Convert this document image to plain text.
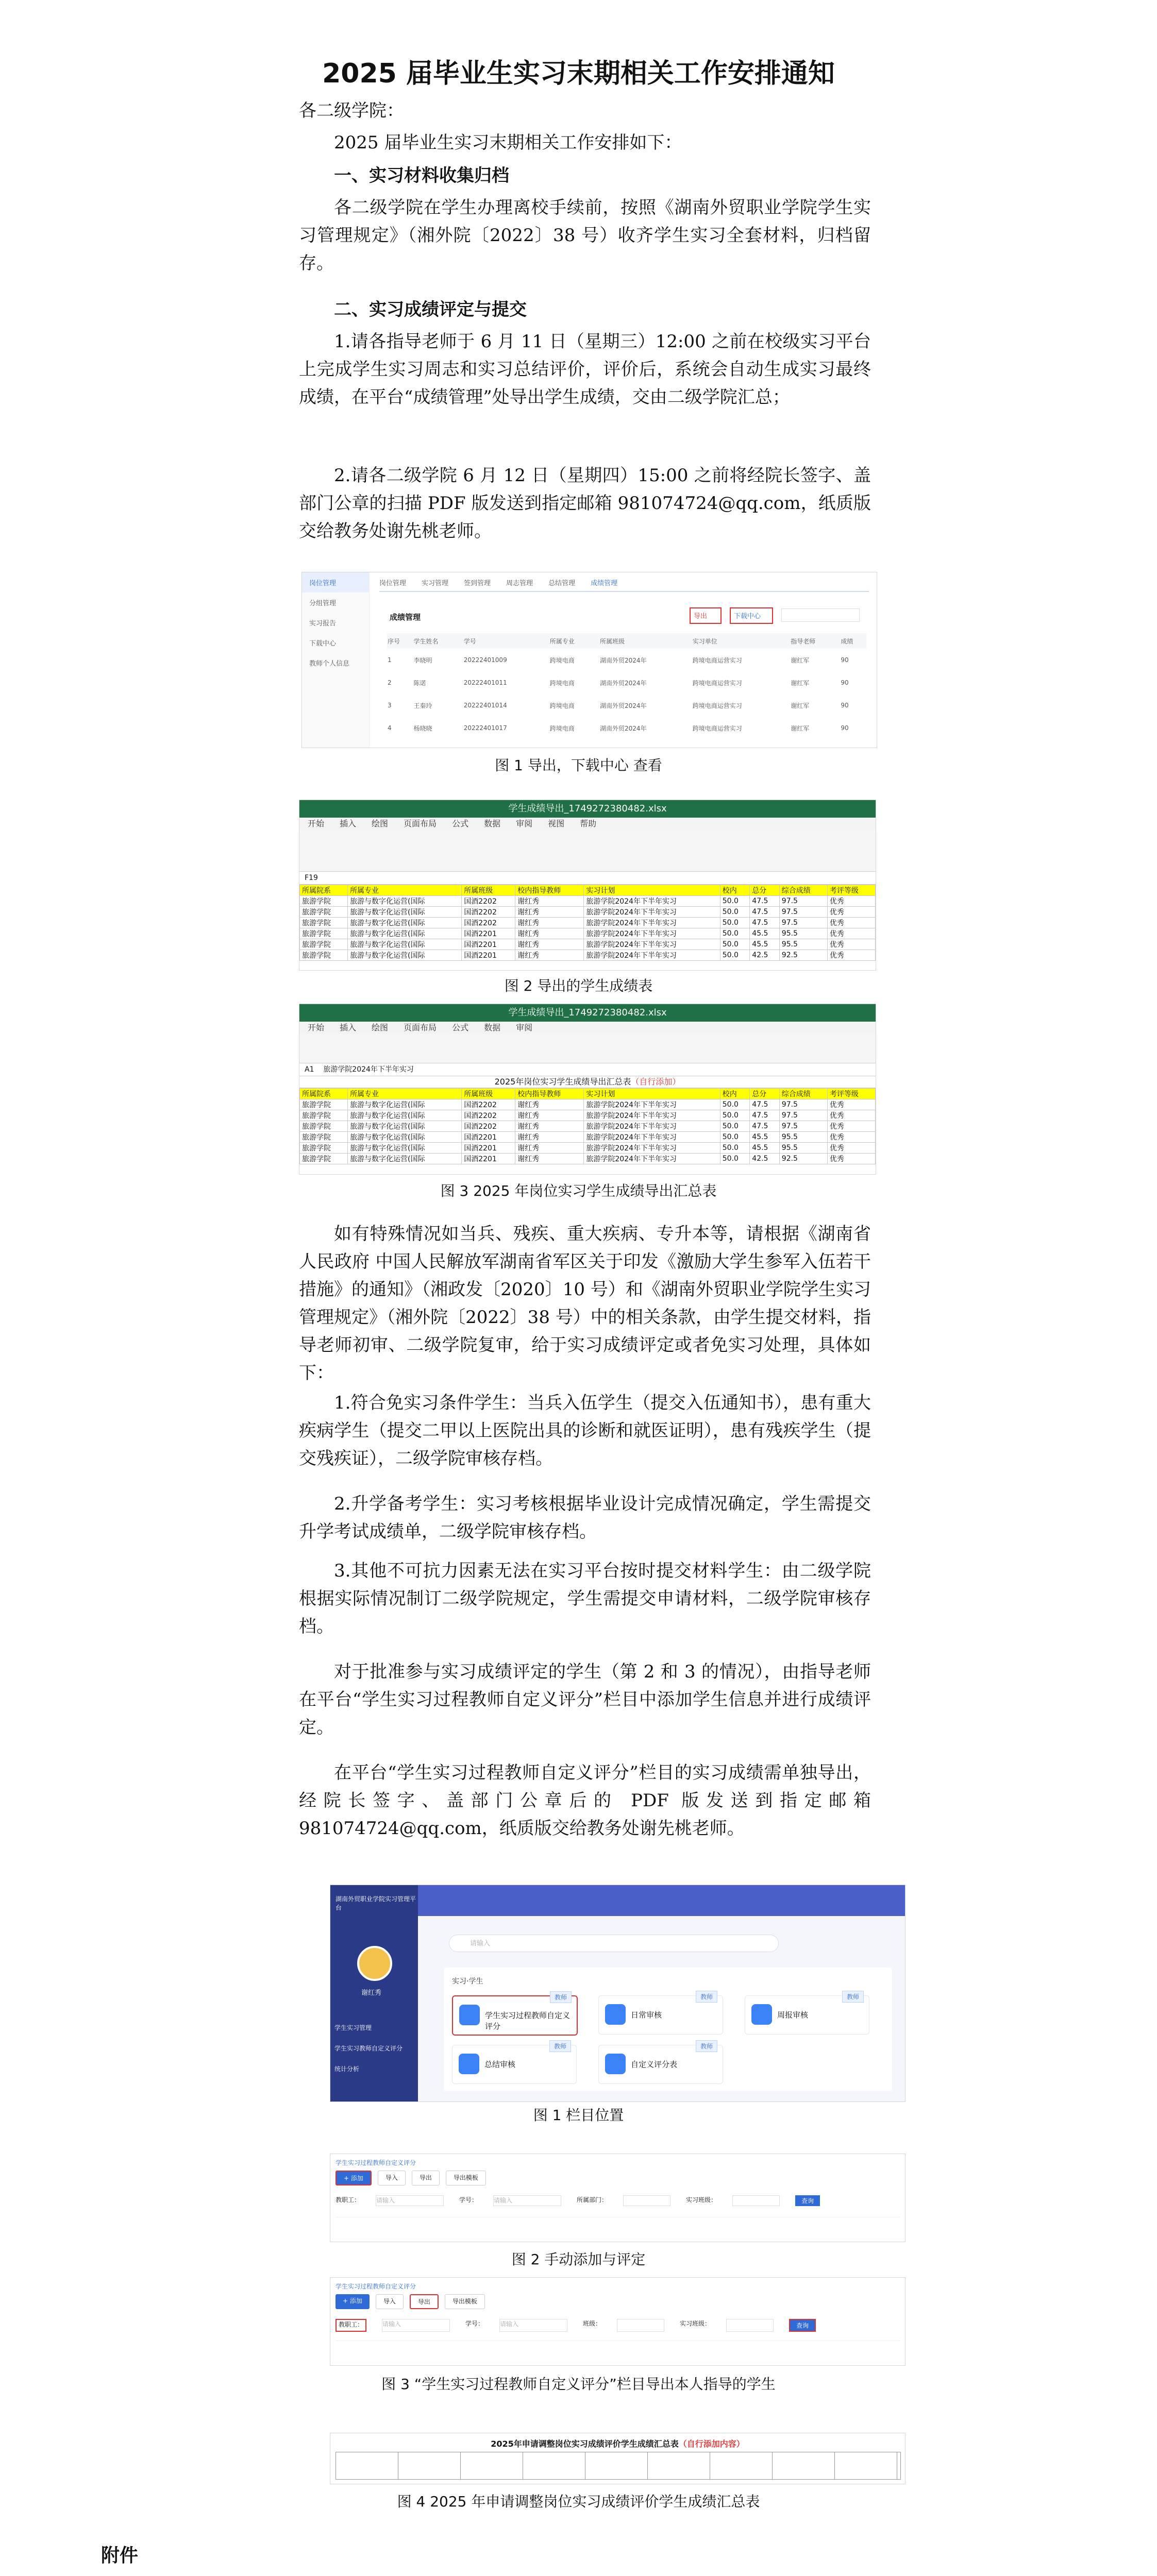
2025 届毕业生实习末期相关工作安排通知
各二级学院：
2025 届毕业生实习末期相关工作安排如下：
一、实习材料收集归档
各二级学院在学生办理离校手续前，按照《湖南外贸职业学院学生实习管理规定》（湘外院〔2022〕38 号）收齐学生实习全套材料，归档留存。
二、实习成绩评定与提交
1.请各指导老师于 6 月 11 日（星期三）12:00 之前在校级实习平台上完成学生实习周志和实习总结评价，评价后，系统会自动生成实习最终成绩，在平台“成绩管理”处导出学生成绩，交由二级学院汇总；
2.请各二级学院 6 月 12 日（星期四）15:00 之前将经院长签字、盖部门公章的扫描 PDF 版发送到指定邮箱 981074724@qq.com，纸质版交给教务处谢先桃老师。
岗位管理
分组管理
实习报告
下载中心
教师个人信息
岗位管理 实习管理 签到管理 周志管理 总结管理 成绩管理
成绩管理	导出	下载中心
序号	学生姓名	学号	所属专业	所属班级	实习单位	指导老师	成绩
1	李晓明	20222401009	跨境电商	湖南外贸2024年	跨境电商运营实习	谢红军	90
2	陈诺	20222401011	跨境电商	湖南外贸2024年	跨境电商运营实习	谢红军	90
3	王秦玲	20222401014	跨境电商	湖南外贸2024年	跨境电商运营实习	谢红军	90
4	杨晓晓	20222401017	跨境电商	湖南外贸2024年	跨境电商运营实习	谢红军	90
图 1 导出，下载中心 查看
学生成绩导出_1749272380482.xlsx
开始 插入 绘图 页面布局 公式 数据 审阅 视图 帮助
F19
所属院系	所属专业	所属班级	校内指导教师	实习计划	校内	总分	综合成绩	考评等级
旅游学院	旅游与数字化运营(国际	国酒2202	谢红秀	旅游学院2024年下半年实习	50.0	47.5	97.5	优秀
旅游学院	旅游与数字化运营(国际	国酒2202	谢红秀	旅游学院2024年下半年实习	50.0	47.5	97.5	优秀
旅游学院	旅游与数字化运营(国际	国酒2202	谢红秀	旅游学院2024年下半年实习	50.0	47.5	97.5	优秀
旅游学院	旅游与数字化运营(国际	国酒2201	谢红秀	旅游学院2024年下半年实习	50.0	45.5	95.5	优秀
旅游学院	旅游与数字化运营(国际	国酒2201	谢红秀	旅游学院2024年下半年实习	50.0	45.5	95.5	优秀
旅游学院	旅游与数字化运营(国际	国酒2201	谢红秀	旅游学院2024年下半年实习	50.0	42.5	92.5	优秀
图 2 导出的学生成绩表
学生成绩导出_1749272380482.xlsx
开始 插入 绘图 页面布局 公式 数据 审阅
A1 旅游学院2024年下半年实习
2025年岗位实习学生成绩导出汇总表（自行添加）
所属院系	所属专业	所属班级	校内指导教师	实习计划	校内	总分	综合成绩	考评等级
旅游学院	旅游与数字化运营(国际	国酒2202	谢红秀	旅游学院2024年下半年实习	50.0	47.5	97.5	优秀
旅游学院	旅游与数字化运营(国际	国酒2202	谢红秀	旅游学院2024年下半年实习	50.0	47.5	97.5	优秀
旅游学院	旅游与数字化运营(国际	国酒2202	谢红秀	旅游学院2024年下半年实习	50.0	47.5	97.5	优秀
旅游学院	旅游与数字化运营(国际	国酒2201	谢红秀	旅游学院2024年下半年实习	50.0	45.5	95.5	优秀
旅游学院	旅游与数字化运营(国际	国酒2201	谢红秀	旅游学院2024年下半年实习	50.0	45.5	95.5	优秀
旅游学院	旅游与数字化运营(国际	国酒2201	谢红秀	旅游学院2024年下半年实习	50.0	42.5	92.5	优秀
图 3 2025 年岗位实习学生成绩导出汇总表
如有特殊情况如当兵、残疾、重大疾病、专升本等，请根据《湖南省人民政府 中国人民解放军湖南省军区关于印发《激励大学生参军入伍若干措施》的通知》（湘政发〔2020〕10 号）和《湖南外贸职业学院学生实习管理规定》（湘外院〔2022〕38 号）中的相关条款，由学生提交材料，指导老师初审、二级学院复审，给于实习成绩评定或者免实习处理，具体如下：
1.符合免实习条件学生：当兵入伍学生（提交入伍通知书），患有重大疾病学生（提交二甲以上医院出具的诊断和就医证明），患有残疾学生（提交残疾证），二级学院审核存档。
2.升学备考学生：实习考核根据毕业设计完成情况确定，学生需提交升学考试成绩单，二级学院审核存档。
3.其他不可抗力因素无法在实习平台按时提交材料学生：由二级学院根据实际情况制订二级学院规定，学生需提交申请材料，二级学院审核存档。
对于批准参与实习成绩评定的学生（第 2 和 3 的情况），由指导老师在平台“学生实习过程教师自定义评分”栏目中添加学生信息并进行成绩评定。
在平台“学生实习过程教师自定义评分”栏目的实习成绩需单独导出，经院长签字、盖部门公章后的 PDF 版发送到指定邮箱 981074724@qq.com，纸质版交给教务处谢先桃老师。
湖南外贸职业学院实习管理平台
谢红秀
学生实习管理
学生实习教师自定义评分
统计分析
请输入
实习·学生
学生实习过程教师自定义评分
教师
日常审核
教师
周报审核
教师
总结审核
教师
自定义评分表
教师
图 1 栏目位置
学生实习过程教师自定义评分
+ 添加	导入	导出	导出模板
教职工：	请输入	学号：	请输入	所属部门：	实习班级：	查询
图 2 手动添加与评定
学生实习过程教师自定义评分
+ 添加	导入	导出	导出模板
教职工：	请输入	学号：	请输入	班级：	实习班级：	查询
图 3 “学生实习过程教师自定义评分”栏目导出本人指导的学生
2025年申请调整岗位实习成绩评价学生成绩汇总表（自行添加内容）
图 4 2025 年申请调整岗位实习成绩评价学生成绩汇总表
附件
